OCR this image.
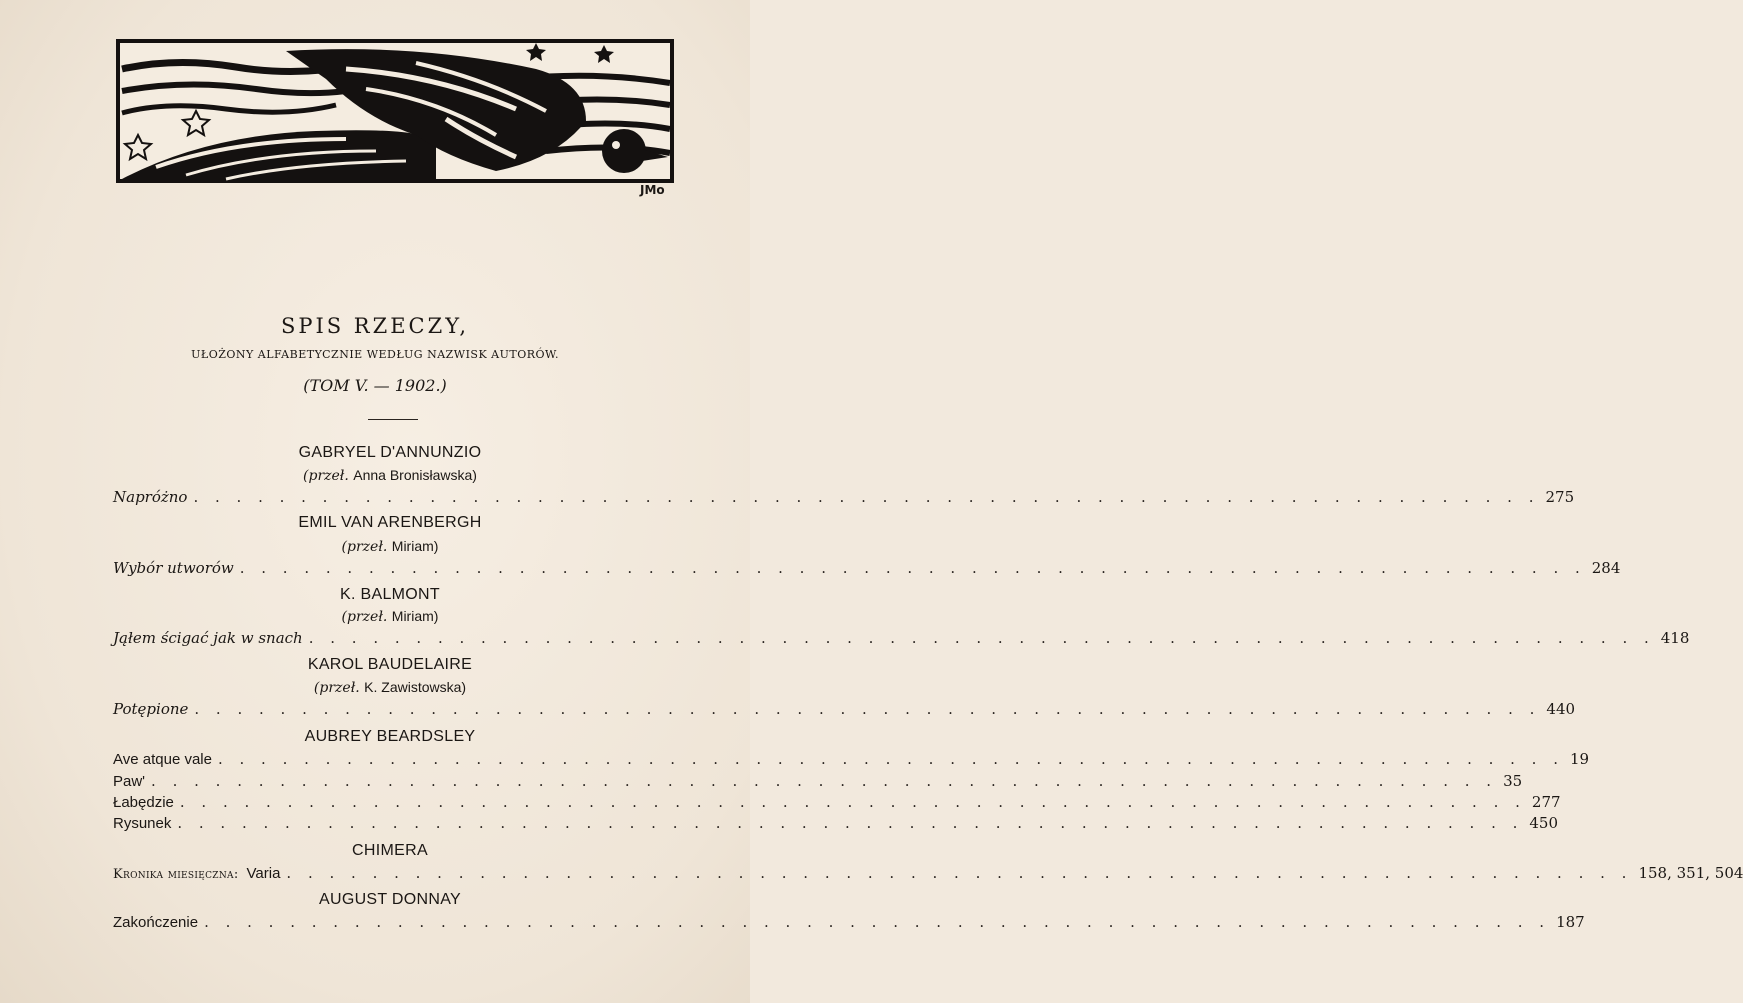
JMo
SPIS RZECZY,
UŁOŻONY ALFABETYCZNIE WEDŁUG NAZWISK AUTORÓW.
(TOM V. — 1902.)
GABRYEL D'ANNUNZIO
(przeł. Anna Bronisławska)
Napróżno . . . . . . . . . . . . . . . . . . . . . . . . . . . . . . . . . . . . . . . . . . . . . . . . . . . . . . . . . . . . . . . 275
EMIL VAN ARENBERGH
(przeł. Miriam)
Wybór utworów . . . . . . . . . . . . . . . . . . . . . . . . . . . . . . . . . . . . . . . . . . . . . . . . . . . . . . . . . . . . . . . 284
K. BALMONT
(przeł. Miriam)
Jąłem ścigać jak w snach . . . . . . . . . . . . . . . . . . . . . . . . . . . . . . . . . . . . . . . . . . . . . . . . . . . . . . . . . . . . . . . 418
KAROL BAUDELAIRE
(przeł. K. Zawistowska)
Potępione . . . . . . . . . . . . . . . . . . . . . . . . . . . . . . . . . . . . . . . . . . . . . . . . . . . . . . . . . . . . . . . 440
AUBREY BEARDSLEY
Ave atque vale . . . . . . . . . . . . . . . . . . . . . . . . . . . . . . . . . . . . . . . . . . . . . . . . . . . . . . . . . . . . . . . 19
Paw' . . . . . . . . . . . . . . . . . . . . . . . . . . . . . . . . . . . . . . . . . . . . . . . . . . . . . . . . . . . . . . . 35
Łabędzie . . . . . . . . . . . . . . . . . . . . . . . . . . . . . . . . . . . . . . . . . . . . . . . . . . . . . . . . . . . . . . . 277
Rysunek . . . . . . . . . . . . . . . . . . . . . . . . . . . . . . . . . . . . . . . . . . . . . . . . . . . . . . . . . . . . . . . 450
CHIMERA
Kronika miesięczna: Varia . . . . . . . . . . . . . . . . . . . . . . . . . . . . . . . . . . . . . . . . . . . . . . . . . . . . . . . . . . . . . . . 158, 351, 504
AUGUST DONNAY
Zakończenie . . . . . . . . . . . . . . . . . . . . . . . . . . . . . . . . . . . . . . . . . . . . . . . . . . . . . . . . . . . . . . . 187
